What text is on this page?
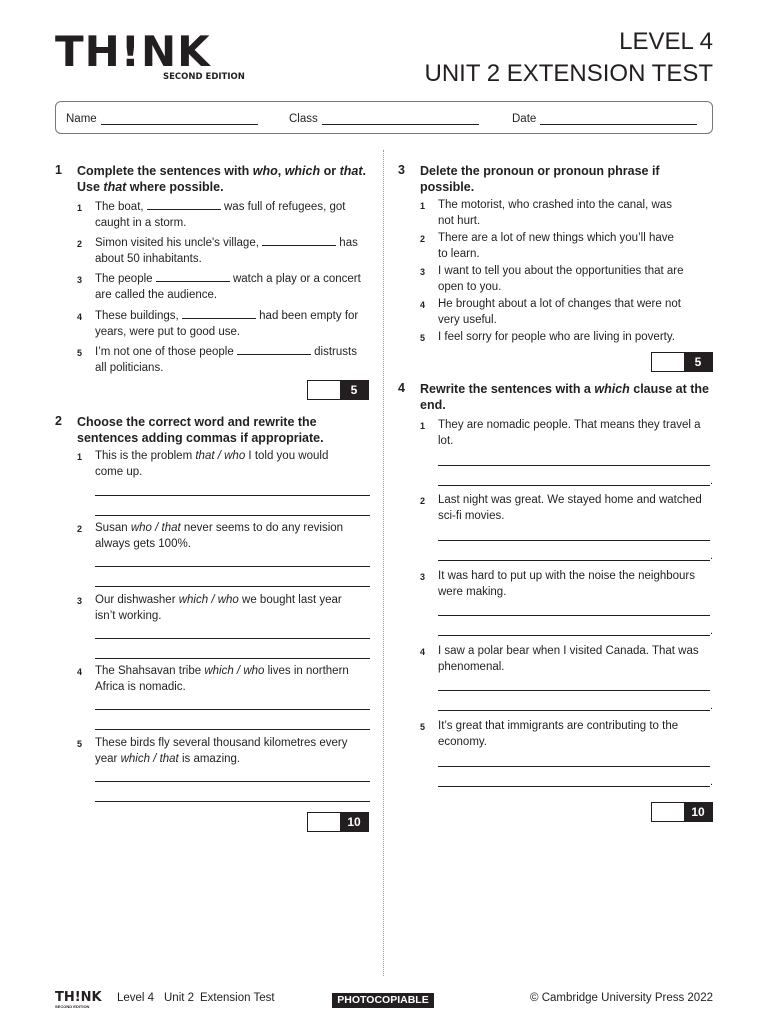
TH!NK
SECOND EDITION
LEVEL 4
UNIT 2 EXTENSION TEST
Name	Class	Date
1 Complete the sentences with who, which or that.
Use that where possible.
1 The boat,	was full of refugees, got
caught in a storm.
2 Simon visited his uncle's village,	has
about 50 inhabitants.
3 The people	watch a play or a concert
are called the audience.
4 These buildings,	had been empty for
years, were put to good use.
5 I’m not one of those people	distrusts
all politicians.
5
2 Choose the correct word and rewrite the
sentences adding commas if appropriate.
1 This is the problem that / who I told you would
come up.
2 Susan who / that never seems to do any revision
always gets 100%.
3 Our dishwasher which / who we bought last year
isn’t working.
4 The Shahsavan tribe which / who lives in northern
Africa is nomadic.
5 These birds fly several thousand kilometres every
year which / that is amazing.
10
3 Delete the pronoun or pronoun phrase if
possible.
1 The motorist, who crashed into the canal, was
not hurt.
2 There are a lot of new things which you’ll have
to learn.
3 I want to tell you about the opportunities that are
open to you.
4 He brought about a lot of changes that were not
very useful.
5 I feel sorry for people who are living in poverty.
5
4 Rewrite the sentences with a which clause at the
end.
1 They are nomadic people. That means they travel a
lot.
.
2 Last night was great. We stayed home and watched
sci-fi movies.
.
3 It was hard to put up with the noise the neighbours
were making.
.
4 I saw a polar bear when I visited Canada. That was
phenomenal.
.
5 It’s great that immigrants are contributing to the
economy.
.
10
TH!NK
SECOND EDITION
Level 4 Unit 2 Extension Test	PHOTOCOPIABLE	© Cambridge University Press 2022
